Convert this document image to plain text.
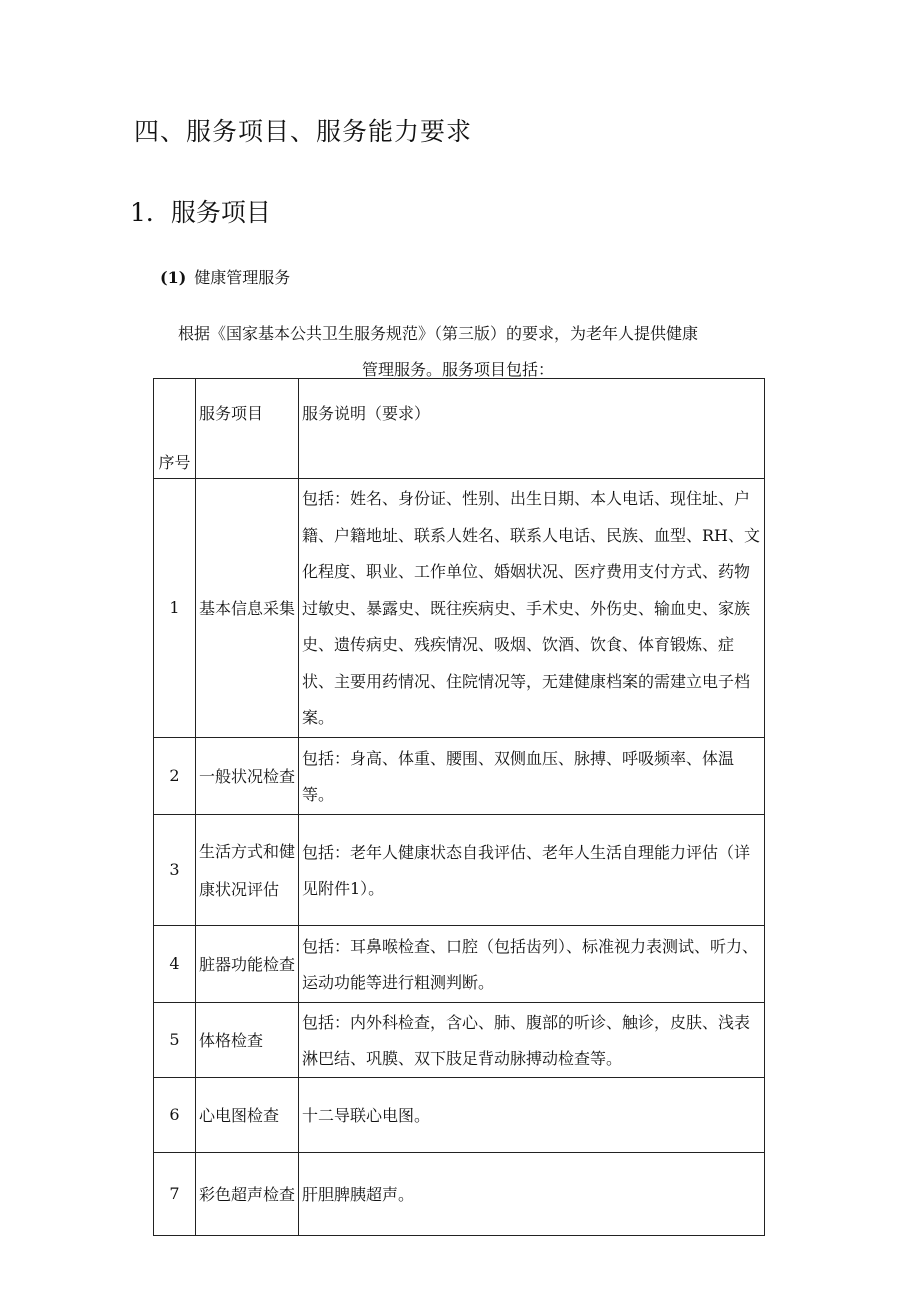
四、服务项目、服务能力要求
1．服务项目
(1) 健康管理服务
根据《国家基本公共卫生服务规范》（第三版）的要求，为老年人提供健康
管理服务。服务项目包括：
序号	服务项目	服务说明（要求）
1	基本信息采集	包括：姓名、身份证、性别、出生日期、本人电话、现住址、户籍、户籍地址、联系人姓名、联系人电话、民族、血型、RH、文化程度、职业、工作单位、婚姻状况、医疗费用支付方式、药物过敏史、暴露史、既往疾病史、手术史、外伤史、输血史、家族史、遗传病史、残疾情况、吸烟、饮酒、饮食、体育锻炼、症状、主要用药情况、住院情况等，无建健康档案的需建立电子档案。
2	一般状况检查	包括：身高、体重、腰围、双侧血压、脉搏、呼吸频率、体温等。
3	生活方式和健康状况评估	包括：老年人健康状态自我评估、老年人生活自理能力评估（详见附件1）。
4	脏器功能检查	包括：耳鼻喉检查、口腔（包括齿列）、标准视力表测试、听力、运动功能等进行粗测判断。
5	体格检查	包括：内外科检查，含心、肺、腹部的听诊、触诊，皮肤、浅表淋巴结、巩膜、双下肢足背动脉搏动检查等。
6	心电图检查	十二导联心电图。
7	彩色超声检查	肝胆脾胰超声。
